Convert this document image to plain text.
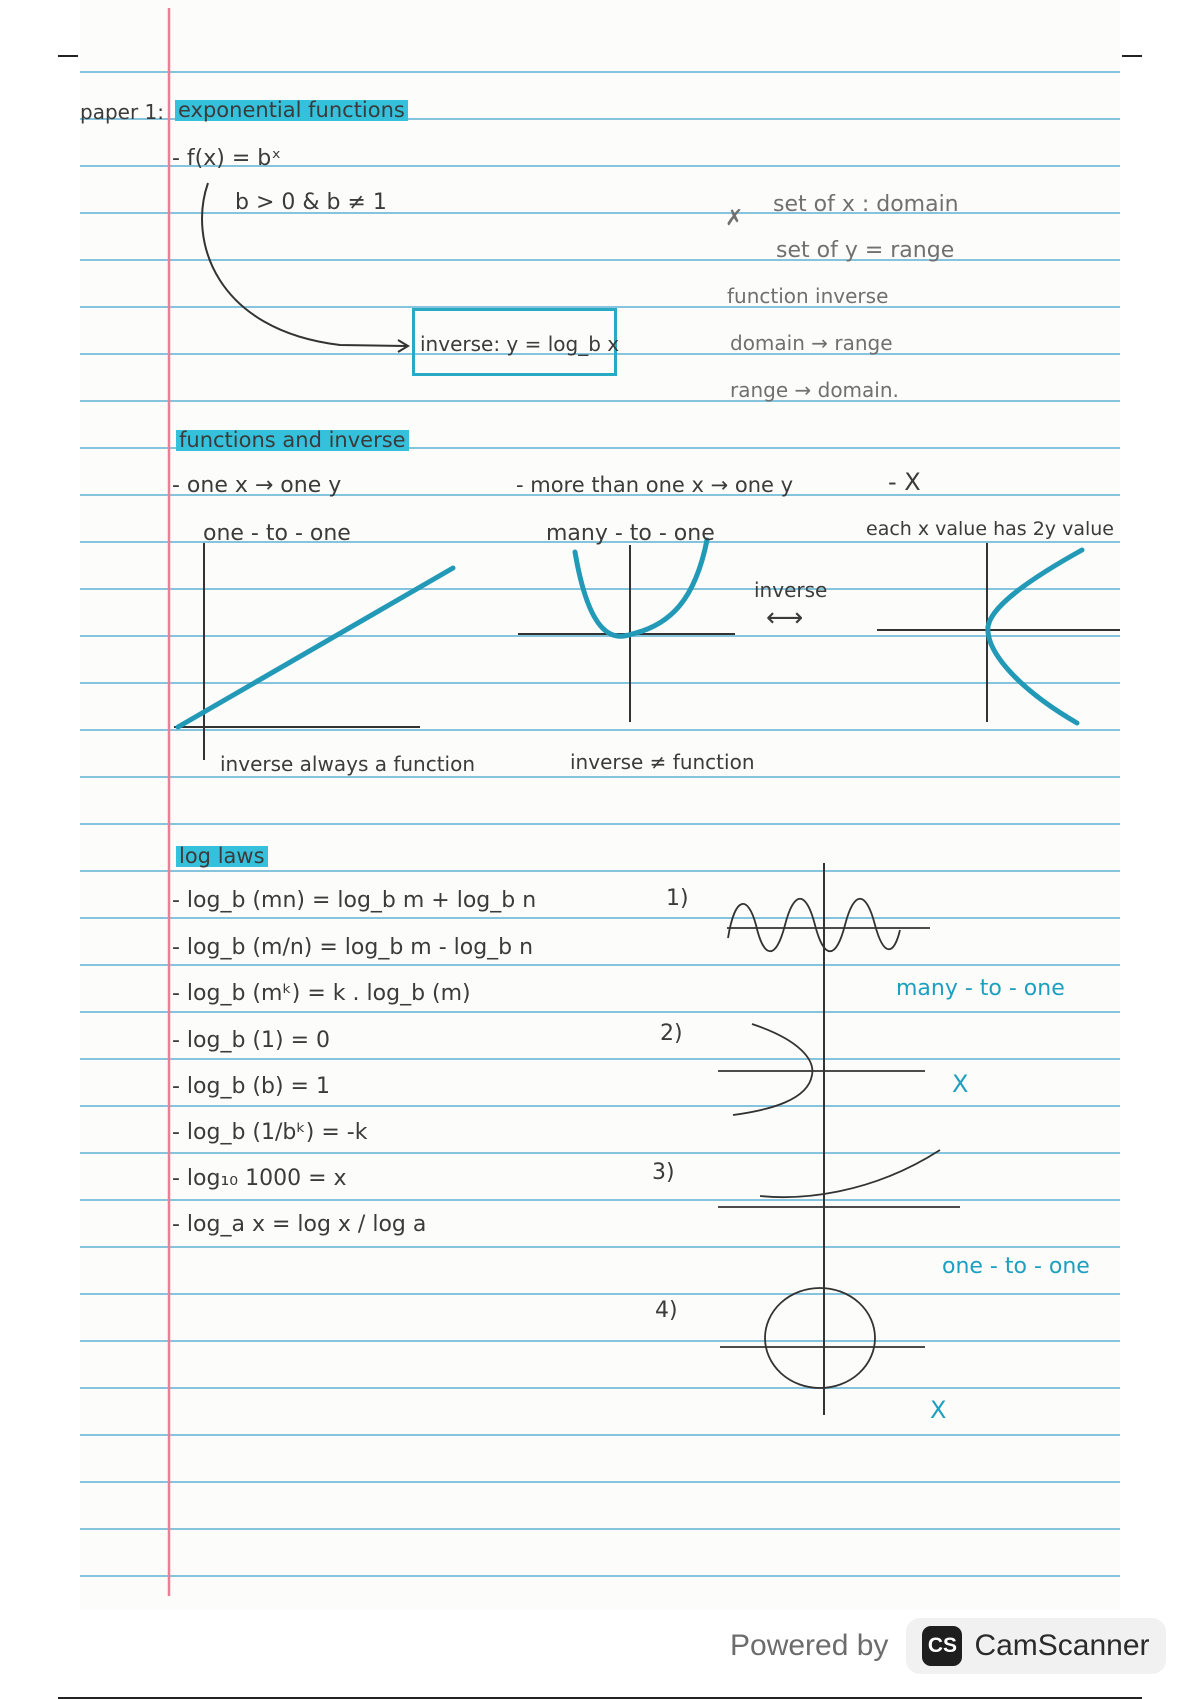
paper 1: exponential functions
- f(x) = bˣ
b > 0 & b ≠ 1
inverse: y = log_b x
✗
set of x : domain
set of y = range
function inverse
domain → range
range → domain.
functions and inverse
- one x → one y
one - to - one
inverse always a function
- more than one x → one y
many - to - one
inverse ≠ function
inverse
⟷
- X
each x value has 2y value
log laws
- log_b (mn) = log_b m + log_b n
- log_b (m/n) = log_b m - log_b n
- log_b (mᵏ) = k . log_b (m)
- log_b (1) = 0
- log_b (b) = 1
- log_b (1/bᵏ) = -k
- log₁₀ 1000 = x
- log_a x = log x / log a
1)
2)
3)
4)
many - to - one
X
one - to - one
X
Powered by CS CamScanner
